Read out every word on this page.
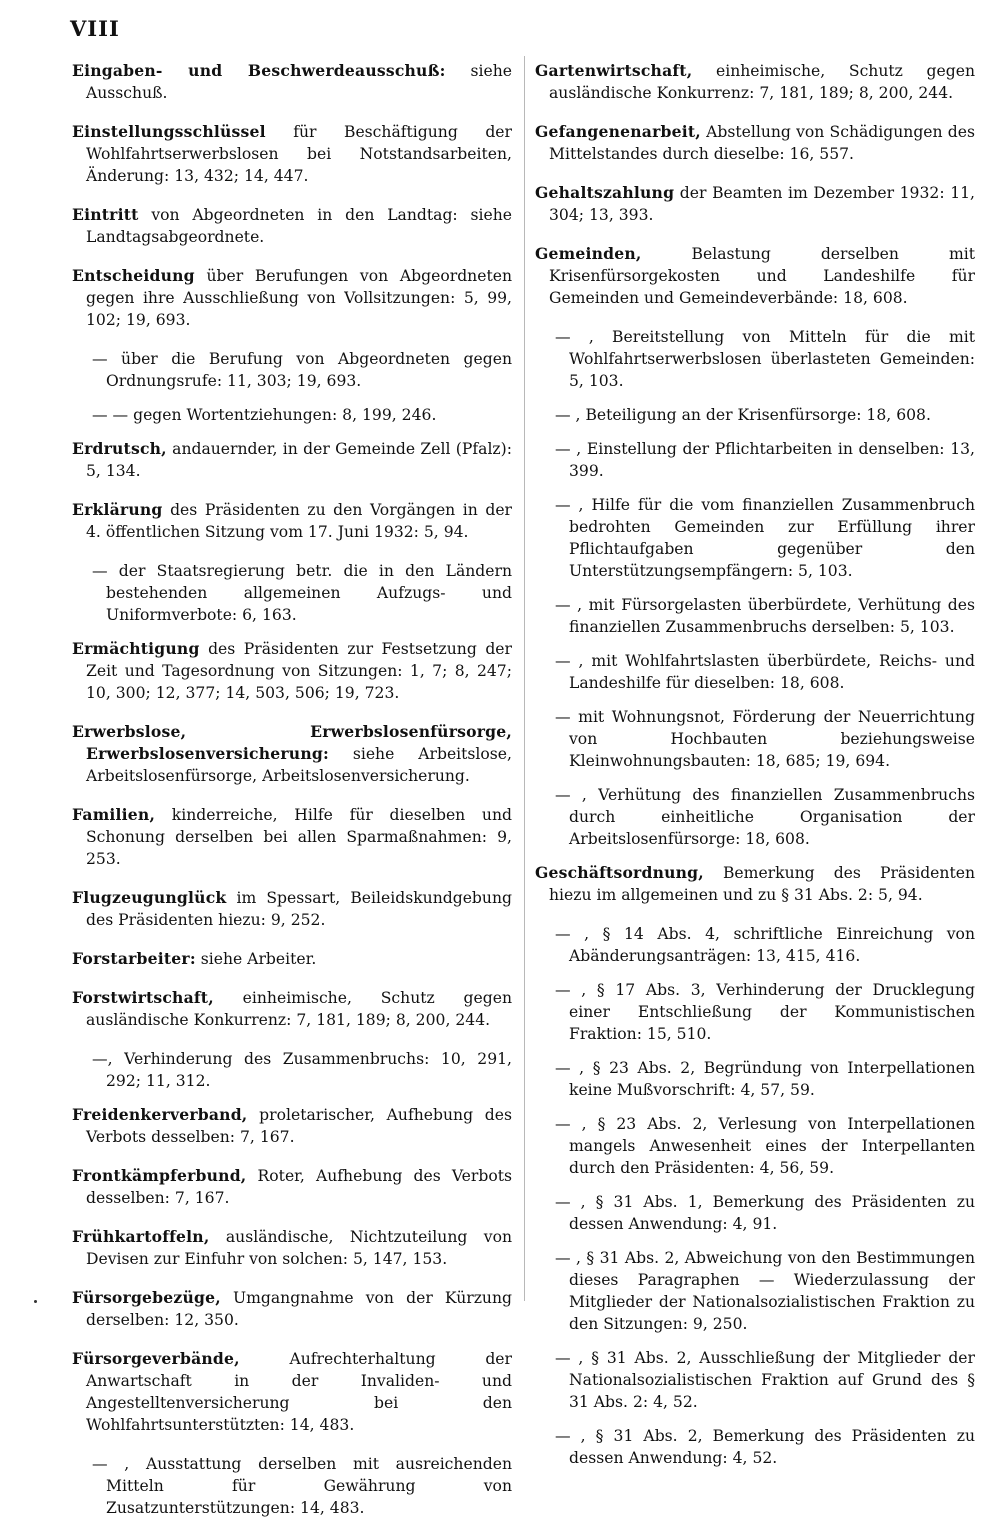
VIII

Eingaben- und Beschwerdeausschuß: siehe Ausschuß.

Einstellungsschlüssel für Beschäftigung der Wohlfahrtserwerbslosen bei Notstandsarbeiten, Änderung: 13, 432; 14, 447.

Eintritt von Abgeordneten in den Landtag: siehe Landtagsabgeordnete.

Entscheidung über Berufungen von Abgeordneten gegen ihre Ausschließung von Vollsitzungen: 5, 99, 102; 19, 693.

— über die Berufung von Abgeordneten gegen Ordnungsrufe: 11, 303; 19, 693.

— — gegen Wortentziehungen: 8, 199, 246.

Erdrutsch, andauernder, in der Gemeinde Zell (Pfalz): 5, 134.

Erklärung des Präsidenten zu den Vorgängen in der 4. öffentlichen Sitzung vom 17. Juni 1932: 5, 94.

— der Staatsregierung betr. die in den Ländern bestehenden allgemeinen Aufzugs- und Uniformverbote: 6, 163.

Ermächtigung des Präsidenten zur Festsetzung der Zeit und Tagesordnung von Sitzungen: 1, 7; 8, 247; 10, 300; 12, 377; 14, 503, 506; 19, 723.

Erwerbslose, Erwerbslosenfürsorge, Erwerbslosenversicherung: siehe Arbeitslose, Arbeitslosenfürsorge, Arbeitslosenversicherung.

Familien, kinderreiche, Hilfe für dieselben und Schonung derselben bei allen Sparmaßnahmen: 9, 253.

Flugzeugunglück im Spessart, Beileidskundgebung des Präsidenten hiezu: 9, 252.

Forstarbeiter: siehe Arbeiter.

Forstwirtschaft, einheimische, Schutz gegen ausländische Konkurrenz: 7, 181, 189; 8, 200, 244.

—, Verhinderung des Zusammenbruchs: 10, 291, 292; 11, 312.

Freidenkerverband, proletarischer, Aufhebung des Verbots desselben: 7, 167.

Frontkämpferbund, Roter, Aufhebung des Verbots desselben: 7, 167.

Frühkartoffeln, ausländische, Nichtzuteilung von Devisen zur Einfuhr von solchen: 5, 147, 153.

Fürsorgebezüge, Umgangnahme von der Kürzung derselben: 12, 350.

Fürsorgeverbände, Aufrechterhaltung der Anwartschaft in der Invaliden- und Angestelltenversicherung bei den Wohlfahrtsunterstützten: 14, 483.

— , Ausstattung derselben mit ausreichenden Mitteln für Gewährung von Zusatzunterstützungen: 14, 483.

Gartenwirtschaft, einheimische, Schutz gegen ausländische Konkurrenz: 7, 181, 189; 8, 200, 244.

Gefangenenarbeit, Abstellung von Schädigungen des Mittelstandes durch dieselbe: 16, 557.

Gehaltszahlung der Beamten im Dezember 1932: 11, 304; 13, 393.

Gemeinden, Belastung derselben mit Krisenfürsorgekosten und Landeshilfe für Gemeinden und Gemeindeverbände: 18, 608.

— , Bereitstellung von Mitteln für die mit Wohlfahrtserwerbslosen überlasteten Gemeinden: 5, 103.

— , Beteiligung an der Krisenfürsorge: 18, 608.

— , Einstellung der Pflichtarbeiten in denselben: 13, 399.

— , Hilfe für die vom finanziellen Zusammenbruch bedrohten Gemeinden zur Erfüllung ihrer Pflichtaufgaben gegenüber den Unterstützungsempfängern: 5, 103.

— , mit Fürsorgelasten überbürdete, Verhütung des finanziellen Zusammenbruchs derselben: 5, 103.

— , mit Wohlfahrtslasten überbürdete, Reichs- und Landeshilfe für dieselben: 18, 608.

— mit Wohnungsnot, Förderung der Neuerrichtung von Hochbauten beziehungsweise Kleinwohnungsbauten: 18, 685; 19, 694.

— , Verhütung des finanziellen Zusammenbruchs durch einheitliche Organisation der Arbeitslosenfürsorge: 18, 608.

Geschäftsordnung, Bemerkung des Präsidenten hiezu im allgemeinen und zu § 31 Abs. 2: 5, 94.

— , § 14 Abs. 4, schriftliche Einreichung von Abänderungsanträgen: 13, 415, 416.

— , § 17 Abs. 3, Verhinderung der Drucklegung einer Entschließung der Kommunistischen Fraktion: 15, 510.

— , § 23 Abs. 2, Begründung von Interpellationen keine Mußvorschrift: 4, 57, 59.

— , § 23 Abs. 2, Verlesung von Interpellationen mangels Anwesenheit eines der Interpellanten durch den Präsidenten: 4, 56, 59.

— , § 31 Abs. 1, Bemerkung des Präsidenten zu dessen Anwendung: 4, 91.

— , § 31 Abs. 2, Abweichung von den Bestimmungen dieses Paragraphen — Wiederzulassung der Mitglieder der Nationalsozialistischen Fraktion zu den Sitzungen: 9, 250.

— , § 31 Abs. 2, Ausschließung der Mitglieder der Nationalsozialistischen Fraktion auf Grund des § 31 Abs. 2: 4, 52.

— , § 31 Abs. 2, Bemerkung des Präsidenten zu dessen Anwendung: 4, 52.
